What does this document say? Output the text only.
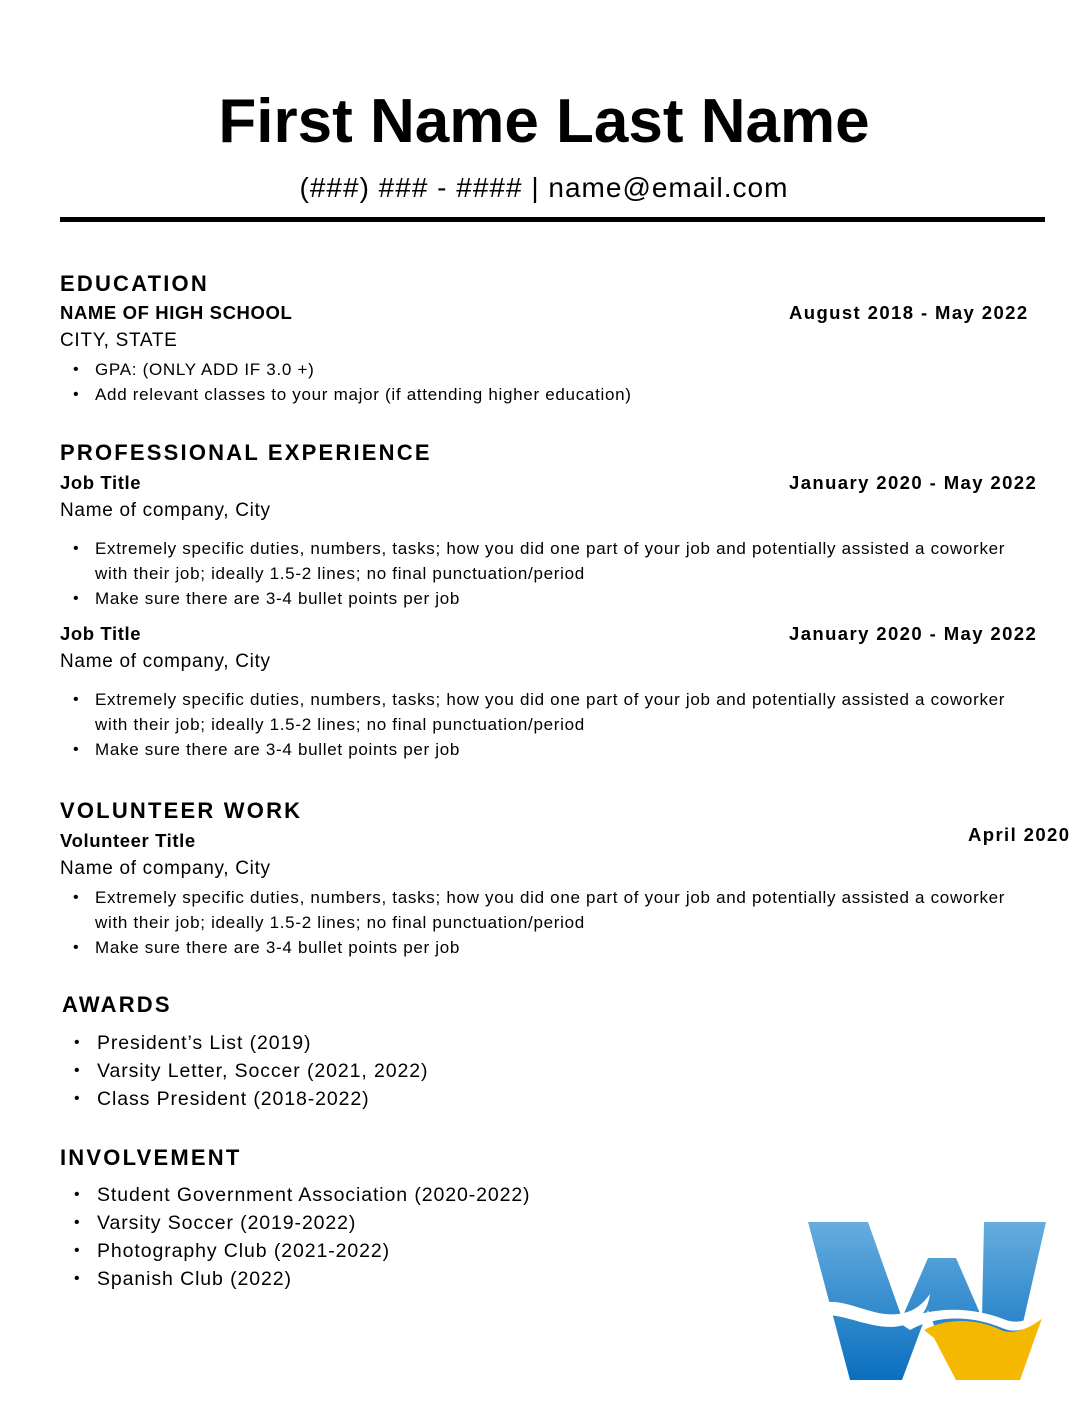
First Name Last Name
(###) ### - #### | name@email.com
EDUCATION
NAME OF HIGH SCHOOL	August 2018 - May 2022
CITY, STATE
• GPA: (ONLY ADD IF 3.0 +)
• Add relevant classes to your major (if attending higher education)
PROFESSIONAL EXPERIENCE
Job Title	January 2020 - May 2022
Name of company, City
• Extremely specific duties, numbers, tasks; how you did one part of your job and potentially assisted a coworker with their job; ideally 1.5-2 lines; no final punctuation/period
• Make sure there are 3-4 bullet points per job
Job Title	January 2020 - May 2022
Name of company, City
• Extremely specific duties, numbers, tasks; how you did one part of your job and potentially assisted a coworker with their job; ideally 1.5-2 lines; no final punctuation/period
• Make sure there are 3-4 bullet points per job
VOLUNTEER WORK
Volunteer Title	April 2020
Name of company, City
• Extremely specific duties, numbers, tasks; how you did one part of your job and potentially assisted a coworker with their job; ideally 1.5-2 lines; no final punctuation/period
• Make sure there are 3-4 bullet points per job
AWARDS
• President’s List (2019)
• Varsity Letter, Soccer (2021, 2022)
• Class President (2018-2022)
INVOLVEMENT
• Student Government Association (2020-2022)
• Varsity Soccer (2019-2022)
• Photography Club (2021-2022)
• Spanish Club (2022)
